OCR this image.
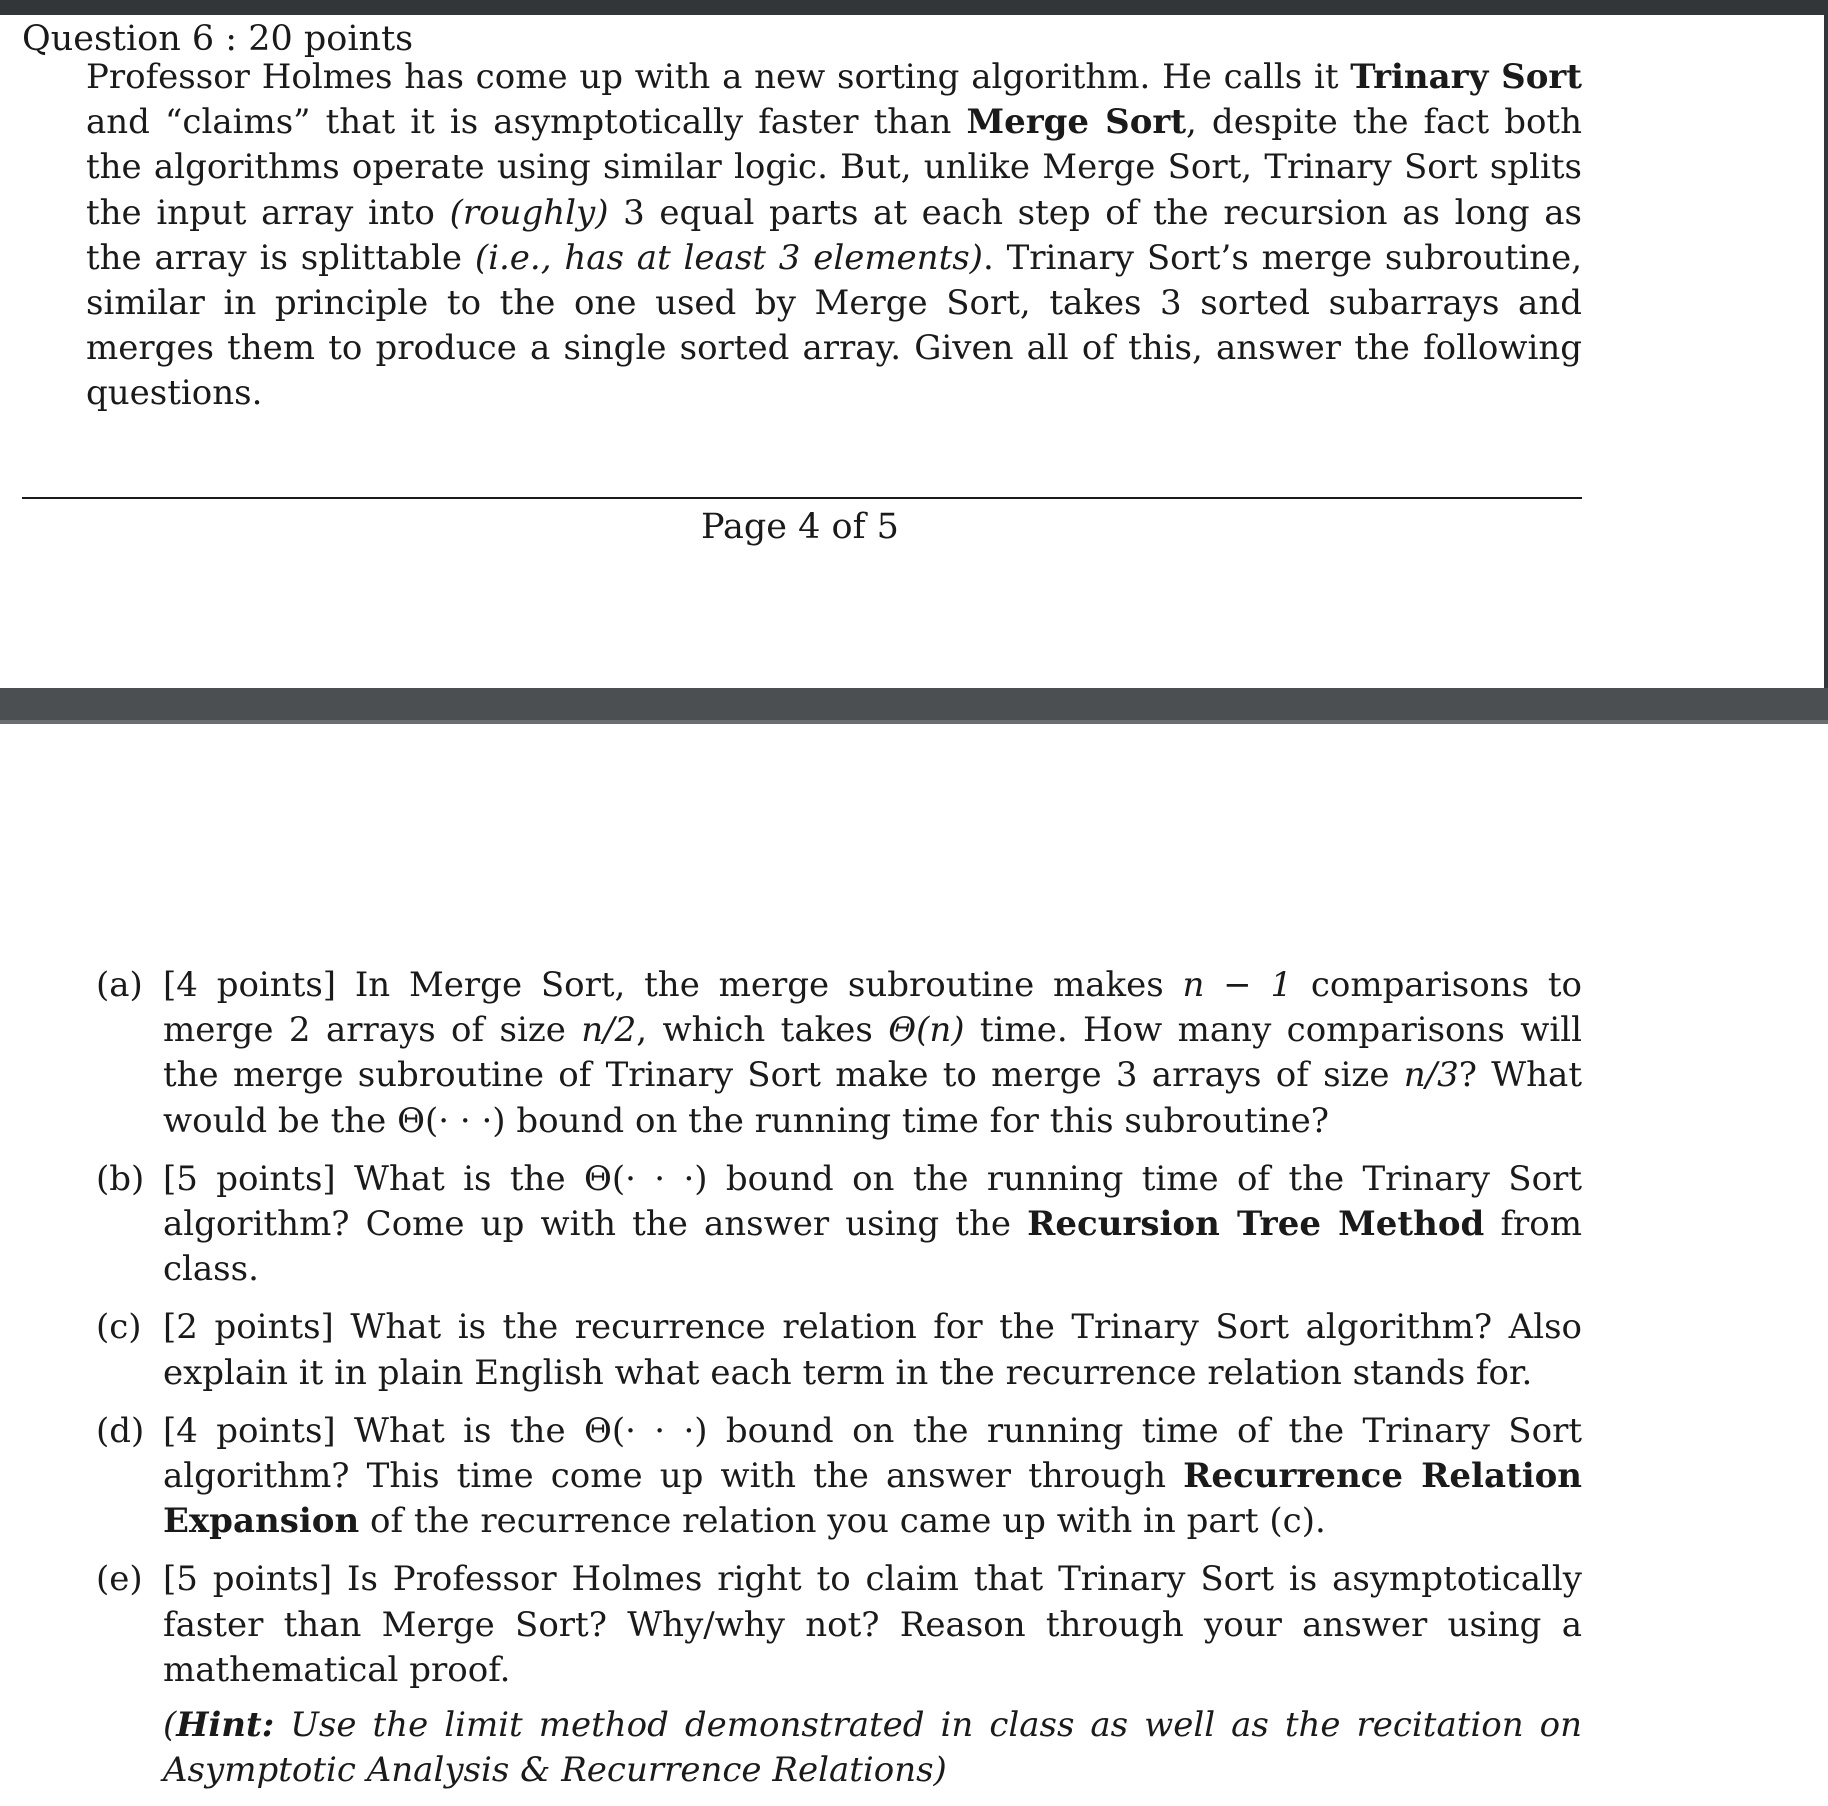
Question 6 : 20 points
Professor Holmes has come up with a new sorting algorithm. He calls it Trinary Sort and “claims” that it is asymptotically faster than Merge Sort, despite the fact both the algorithms operate using similar logic. But, unlike Merge Sort, Trinary Sort splits the input array into (roughly) 3 equal parts at each step of the recursion as long as the array is splittable (i.e., has at least 3 elements). Trinary Sort’s merge subroutine, similar in principle to the one used by Merge Sort, takes 3 sorted subarrays and merges them to produce a single sorted array. Given all of this, answer the following questions.
Page 4 of 5
(a) [4 points] In Merge Sort, the merge subroutine makes n − 1 comparisons to merge 2 arrays of size n/2, which takes Θ(n) time. How many comparisons will the merge subroutine of Trinary Sort make to merge 3 arrays of size n/3? What would be the Θ(· · ·) bound on the running time for this subroutine?
(b) [5 points] What is the Θ(· · ·) bound on the running time of the Trinary Sort algorithm? Come up with the answer using the Recursion Tree Method from class.
(c) [2 points] What is the recurrence relation for the Trinary Sort algorithm? Also explain it in plain English what each term in the recurrence relation stands for.
(d) [4 points] What is the Θ(· · ·) bound on the running time of the Trinary Sort algorithm? This time come up with the answer through Recurrence Relation Expansion of the recurrence relation you came up with in part (c).
(e) [5 points] Is Professor Holmes right to claim that Trinary Sort is asymptotically faster than Merge Sort? Why/why not? Reason through your answer using a mathematical proof.
(Hint: Use the limit method demonstrated in class as well as the recitation on Asymptotic Analysis & Recurrence Relations)
